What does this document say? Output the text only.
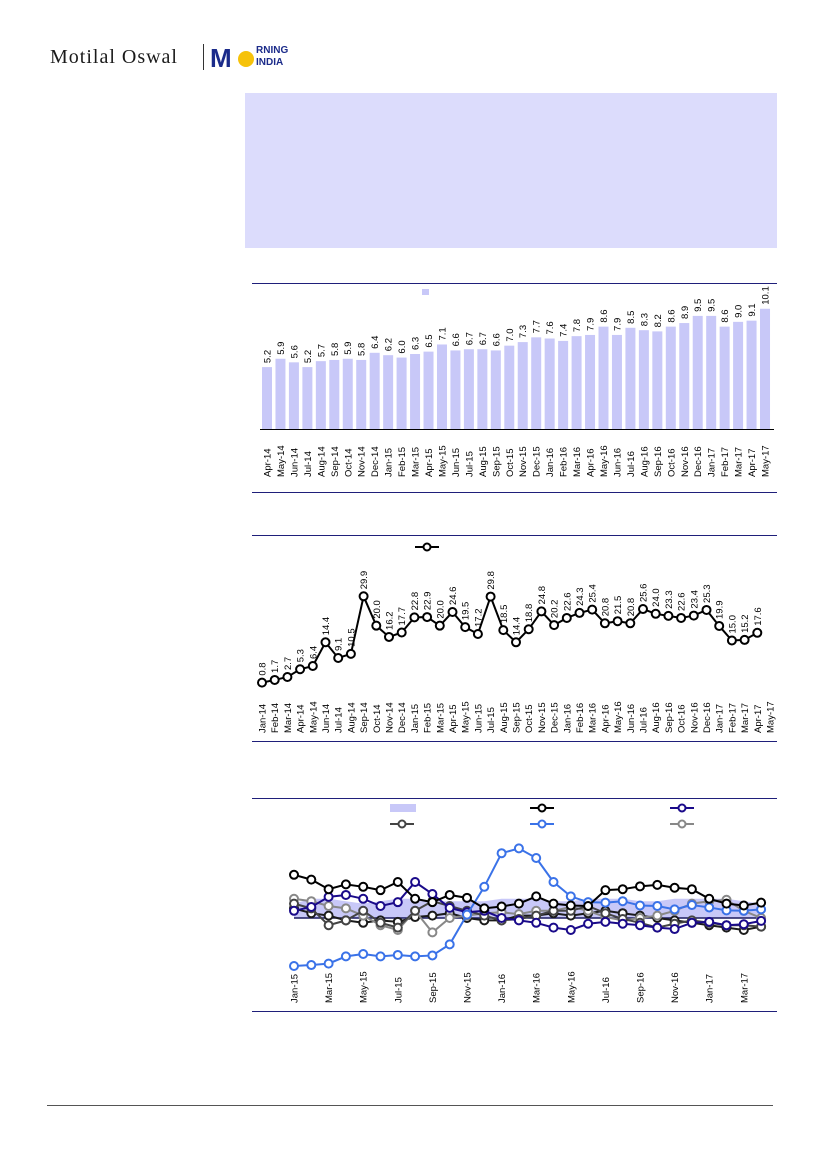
Motilal Oswal M RNING
INDIA
5.2
Apr-14
5.9
May-14
5.6
Jun-14
5.2
Jul-14
5.7
Aug-14
5.8
Sep-14
5.9
Oct-14
5.8
Nov-14
6.4
Dec-14
6.2
Jan-15
6.0
Feb-15
6.3
Mar-15
6.5
Apr-15
7.1
May-15
6.6
Jun-15
6.7
Jul-15
6.7
Aug-15
6.6
Sep-15
7.0
Oct-15
7.3
Nov-15
7.7
Dec-15
7.6
Jan-16
7.4
Feb-16
7.8
Mar-16
7.9
Apr-16
8.6
May-16
7.9
Jun-16
8.5
Jul-16
8.3
Aug-16
8.2
Sep-16
8.6
Oct-16
8.9
Nov-16
9.5
Dec-16
9.5
Jan-17
8.6
Feb-17
9.0
Mar-17
9.1
Apr-17
10.1
May-17
0.8 1.7 2.7
5.3 6.4
14.4
9.1 10.5
29.9
20.0
16.2 17.7
22.8 22.9 20.0
24.6
19.5 17.2
29.8
18.5
14.4
18.8
24.8
20.2 22.6 24.3 25.4
20.8 21.5 20.8
25.6 24.0 23.3 22.6 23.4 25.3
19.9
15.0 15.2 17.6
Jan-14 Feb-14 Mar-14 Apr-14 May-14 Jun-14 Jul-14 Aug-14 Sep-14 Oct-14 Nov-14 Dec-14 Jan-15 Feb-15 Mar-15 Apr-15 May-15 Jun-15 Jul-15 Aug-15 Sep-15 Oct-15 Nov-15 Dec-15 Jan-16 Feb-16 Mar-16 Apr-16 May-16 Jun-16 Jul-16 Aug-16 Sep-16 Oct-16 Nov-16 Dec-16 Jan-17 Feb-17 Mar-17 Apr-17 May-17
Jan-15 Mar-15 May-15 Jul-15 Sep-15 Nov-15 Jan-16 Mar-16 May-16 Jul-16 Sep-16 Nov-16 Jan-17 Mar-17
